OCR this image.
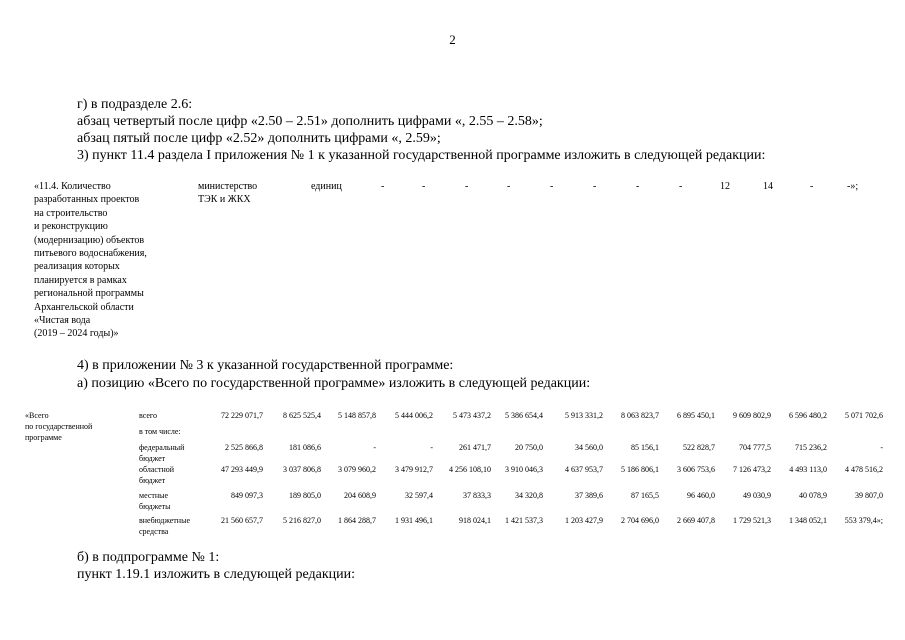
2
г) в подразделе 2.6:
абзац четвертый после цифр «2.50 – 2.51» дополнить цифрами «, 2.55 – 2.58»;
абзац пятый после цифр «2.52» дополнить цифрами «, 2.59»;
3) пункт 11.4 раздела I приложения № 1 к указанной государственной программе изложить в следующей редакции:
«11.4. Количество
разработанных проектов
на строительство
и реконструкцию
(модернизацию) объектов
питьевого водоснабжения,
реализация которых
планируется в рамках
региональной программы
Архангельской области
«Чистая вода
(2019 – 2024 годы)»
министерство
ТЭК и ЖКХ
единиц	-	-	-	-	-	-	-	-	12	14	-	-»;
4) в приложении № 3 к указанной государственной программе:
а) позицию «Всего по государственной программе» изложить в следующей редакции:
«Всего
по государственной
программе
всего	72 229 071,7	8 625 525,4	5 148 857,8	5 444 006,2	5 473 437,2	5 386 654,4	5 913 331,2	8 063 823,7	6 895 450,1	9 609 802,9	6 596 480,2	5 071 702,6
в том числе:
федеральный
бюджет
2 525 866,8	181 086,6	-	-	261 471,7	20 750,0	34 560,0	85 156,1	522 828,7	704 777,5	715 236,2	-
областной
бюджет
47 293 449,9	3 037 806,8	3 079 960,2	3 479 912,7	4 256 108,10	3 910 046,3	4 637 953,7	5 186 806,1	3 606 753,6	7 126 473,2	4 493 113,0	4 478 516,2
местные
бюджеты
849 097,3	189 805,0	204 608,9	32 597,4	37 833,3	34 320,8	37 389,6	87 165,5	96 460,0	49 030,9	40 078,9	39 807,0
внебюджетные
средства
21 560 657,7	5 216 827,0	1 864 288,7	1 931 496,1	918 024,1	1 421 537,3	1 203 427,9	2 704 696,0	2 669 407,8	1 729 521,3	1 348 052,1	553 379,4»;
б) в подпрограмме № 1:
пункт 1.19.1 изложить в следующей редакции:
